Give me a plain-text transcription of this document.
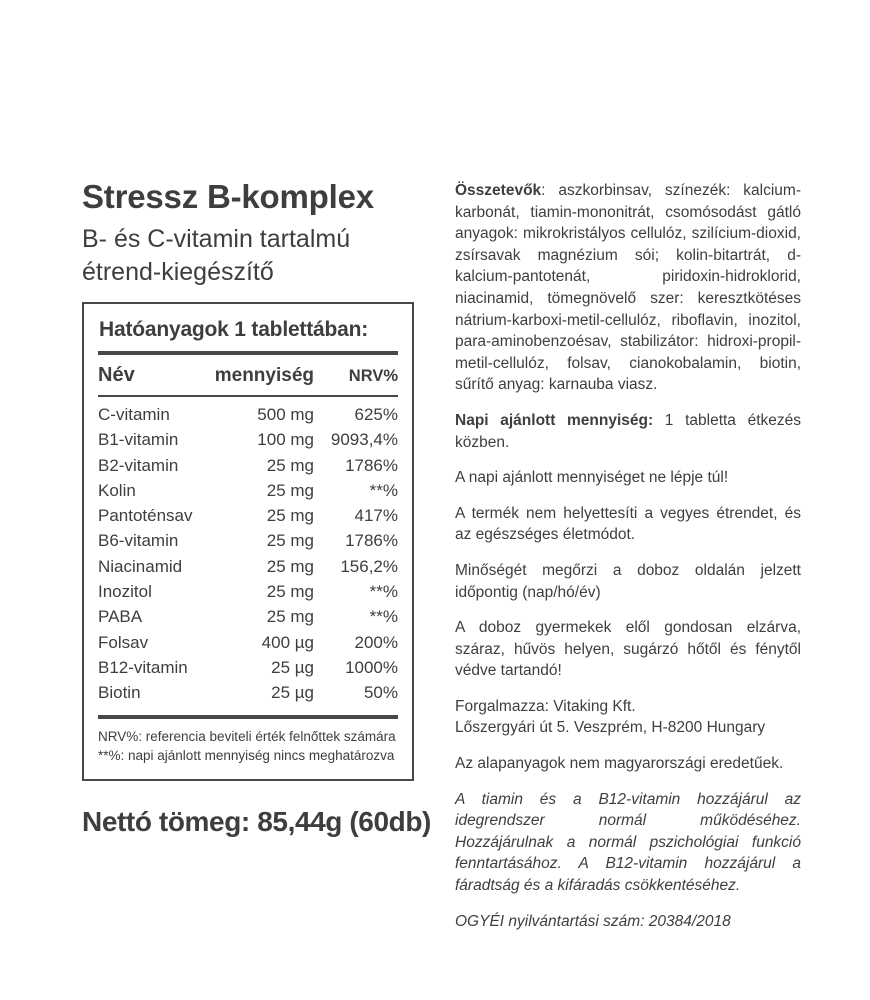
Stressz B-komplex
B- és C-vitamin tartalmú étrend-kiegészítő
Hatóanyagok 1 tablettában:
Név	mennyiség	NRV%
C-vitamin	500 mg	625%
B1-vitamin	100 mg 9093,4%
B2-vitamin	25 mg	1786%
Kolin	25 mg	**%
Pantoténsav	25 mg	417%
B6-vitamin	25 mg	1786%
Niacinamid	25 mg	156,2%
Inozitol	25 mg	**%
PABA	25 mg	**%
Folsav	400 µg	200%
B12-vitamin	25 µg	1000%
Biotin	25 µg	50%
NRV%: referencia beviteli érték felnőttek számára
**%: napi ajánlott mennyiség nincs meghatározva
Nettó tömeg: 85,44g (60db)

Összetevők: aszkorbinsav, színezék: kalcium-karbonát, tiamin-mononitrát, csomósodást gátló anyagok: mikrokristályos cellulóz, szilícium-dioxid, zsírsavak magnézium sói; kolin-bitartrát, d-kalcium-pantotenát, piridoxin-hidroklorid, niacinamid, tömegnövelő szer: keresztkötéses nátrium-karboxi-metil-cellulóz, riboflavin, inozitol, para-aminobenzoésav, stabilizátor: hidroxi-propil-metil-cellulóz, folsav, cianokobalamin, biotin, sűrítő anyag: karnauba viasz.

Napi ajánlott mennyiség: 1 tabletta étkezés közben.

A napi ajánlott mennyiséget ne lépje túl!

A termék nem helyettesíti a vegyes étrendet, és az egészséges életmódot.

Minőségét megőrzi a doboz oldalán jelzett időpontig (nap/hó/év)

A doboz gyermekek elől gondosan elzárva, száraz, hűvös helyen, sugárzó hőtől és fénytől védve tartandó!

Forgalmazza: Vitaking Kft.
Lőszergyári út 5. Veszprém, H-8200 Hungary

Az alapanyagok nem magyarországi eredetűek.

A tiamin és a B12-vitamin hozzájárul az idegrendszer normál működéséhez. Hozzájárulnak a normál pszichológiai funkció fenntartásához. A B12-vitamin hozzájárul a fáradtság és a kifáradás csökkentéséhez.

OGYÉI nyilvántartási szám: 20384/2018
